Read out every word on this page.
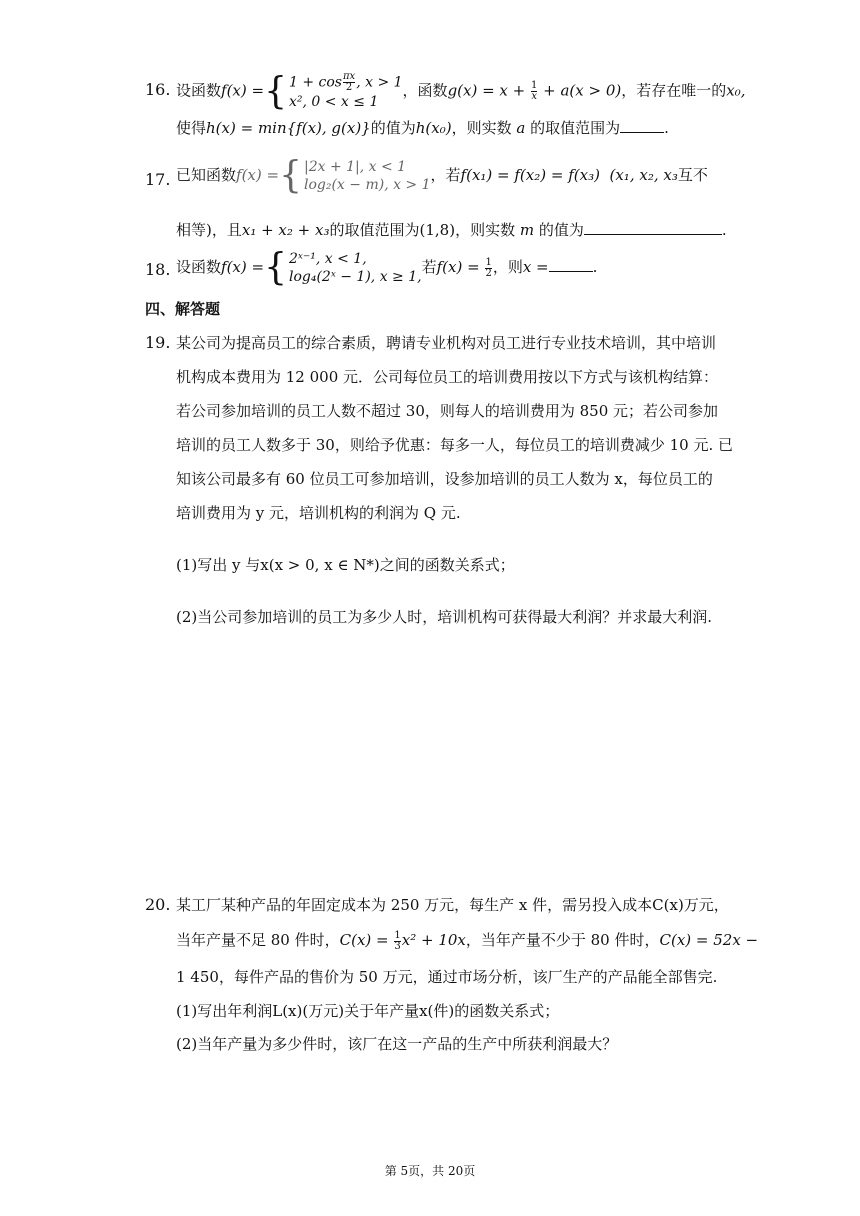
16. 设函数f(x) ={ $1 + \cos \frac{\pi x}{2}$ , x > 1
x², 0 < x ≤ 1
，函数$g(x) = x + \frac{1}{x} + a(x > 0)$，若存在唯一的x₀,
使得h(x) = min{f(x), g(x)}的值为h(x₀)，则实数 a 的取值范围为	.
17. 已知函数f(x) ={ |2x + 1|, x < 1
log₂(x − m), x > 1
，若f(x₁) = f(x₂) = f(x₃) (x₁, x₂, x₃互不
相等)，且x₁ + x₂ + x₃的取值范围为(1,8)，则实数 m 的值为	.
18. 设函数f(x) ={ 2ˣ⁻¹, x < 1,
log₄(2ˣ − 1), x ≥ 1,
若$f(x) = \frac{1}{2}$ ，则x =	.
四、解答题
19. 某公司为提高员工的综合素质，聘请专业机构对员工进行专业技术培训，其中培训
机构成本费用为 12 000 元．公司每位员工的培训费用按以下方式与该机构结算：
若公司参加培训的员工人数不超过 30，则每人的培训费用为 850 元；若公司参加
培训的员工人数多于 30，则给予优惠：每多一人，每位员工的培训费减少 10 元. 已
知该公司最多有 60 位员工可参加培训，设参加培训的员工人数为 x，每位员工的
培训费用为 y 元，培训机构的利润为 Q 元.
(1)写出 y 与x(x > 0, x ∈ N*)之间的函数关系式；
(2)当公司参加培训的员工为多少人时，培训机构可获得最大利润？并求最大利润.
20. 某工厂某种产品的年固定成本为 250 万元，每生产 x 件，需另投入成本C(x)万元，
当年产量不足 80 件时，$C(x) = \frac{1}{3} x^2 + 10x$，当年产量不少于 80 件时，C(x) = 52x −
1 450，每件产品的售价为 50 万元，通过市场分析，该厂生产的产品能全部售完.
(1)写出年利润L(x)(万元)关于年产量x(件)的函数关系式；
(2)当年产量为多少件时，该厂在这一产品的生产中所获利润最大？
第 5页，共 20页
